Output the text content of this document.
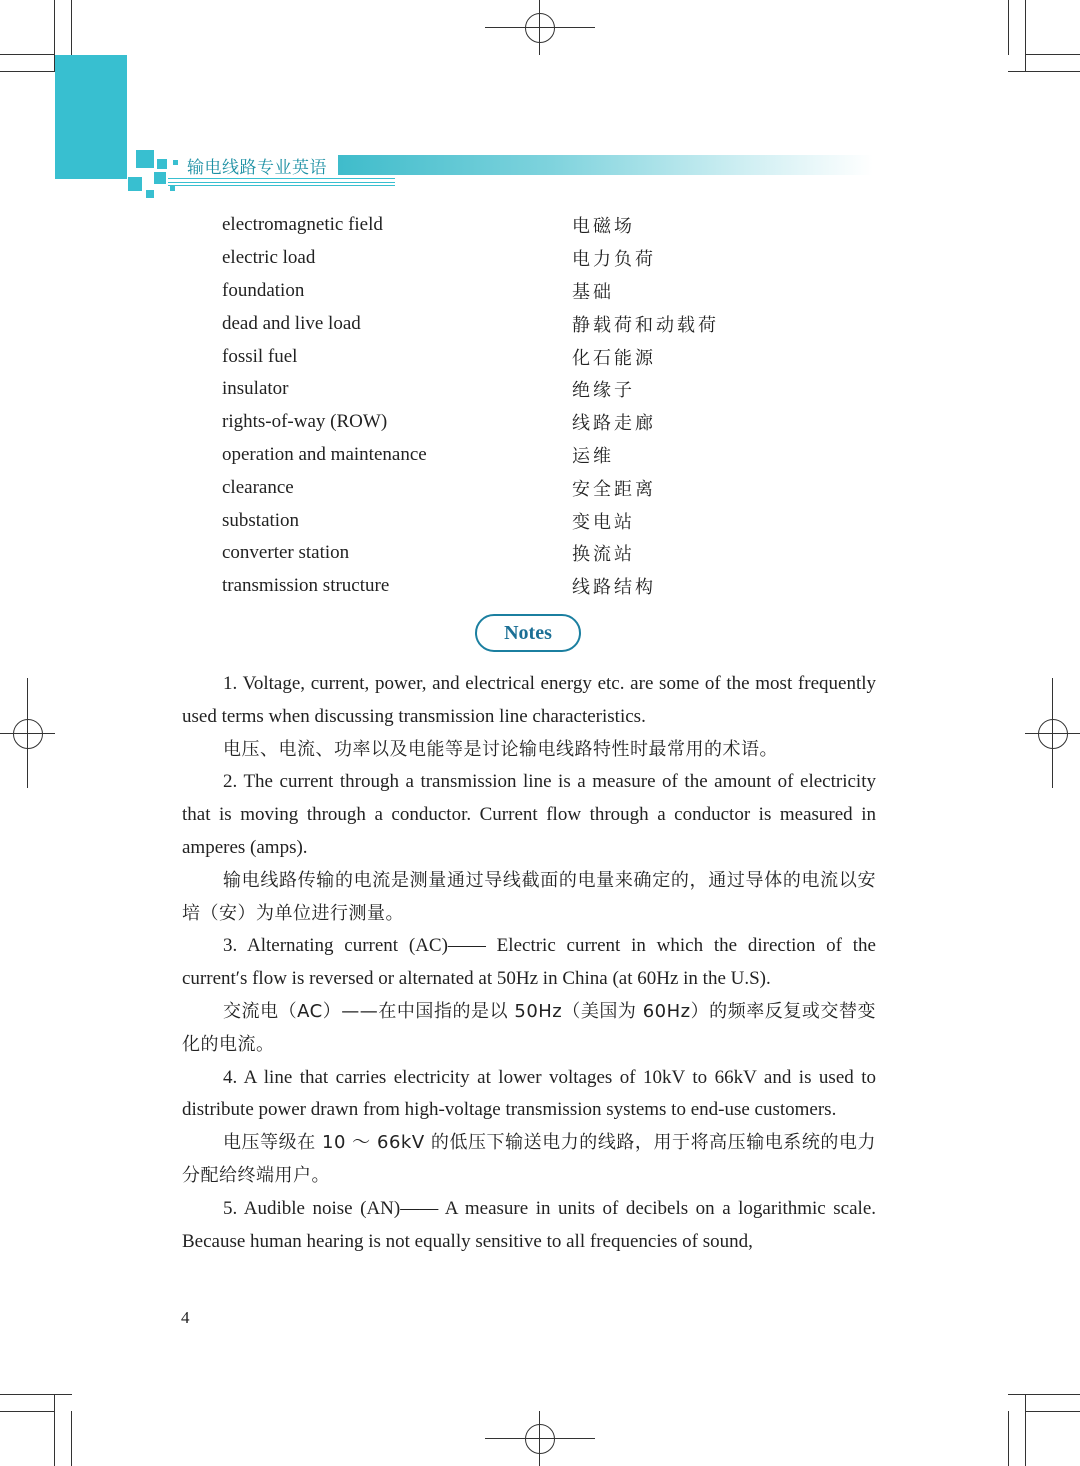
输电线路专业英语
electromagnetic field	电磁场
electric load	电力负荷
foundation	基础
dead and live load	静载荷和动载荷
fossil fuel	化石能源
insulator	绝缘子
rights-of-way (ROW)	线路走廊
operation and maintenance	运维
clearance	安全距离
substation	变电站
converter station	换流站
transmission structure	线路结构
Notes

1. Voltage, current, power, and electrical energy etc. are some of the most frequently used terms when discussing transmission line characteristics.

电压、电流、功率以及电能等是讨论输电线路特性时最常用的术语。

2. The current through a transmission line is a measure of the amount of electricity that is moving through a conductor. Current flow through a conductor is measured in amperes (amps).

输电线路传输的电流是测量通过导线截面的电量来确定的，通过导体的电流以安培（安）为单位进行测量。

3. Alternating current (AC)—— Electric current in which the direction of the current′s flow is reversed or alternated at 50Hz in China (at 60Hz in the U.S).

交流电（AC）——在中国指的是以 50Hz（美国为 60Hz）的频率反复或交替变化的电流。

4. A line that carries electricity at lower voltages of 10kV to 66kV and is used to distribute power drawn from high-voltage transmission systems to end-use customers.

电压等级在 10 ～ 66kV 的低压下输送电力的线路，用于将高压输电系统的电力分配给终端用户。

5. Audible noise (AN)—— A measure in units of decibels on a logarithmic scale. Because human hearing is not equally sensitive to all frequencies of sound,

4
